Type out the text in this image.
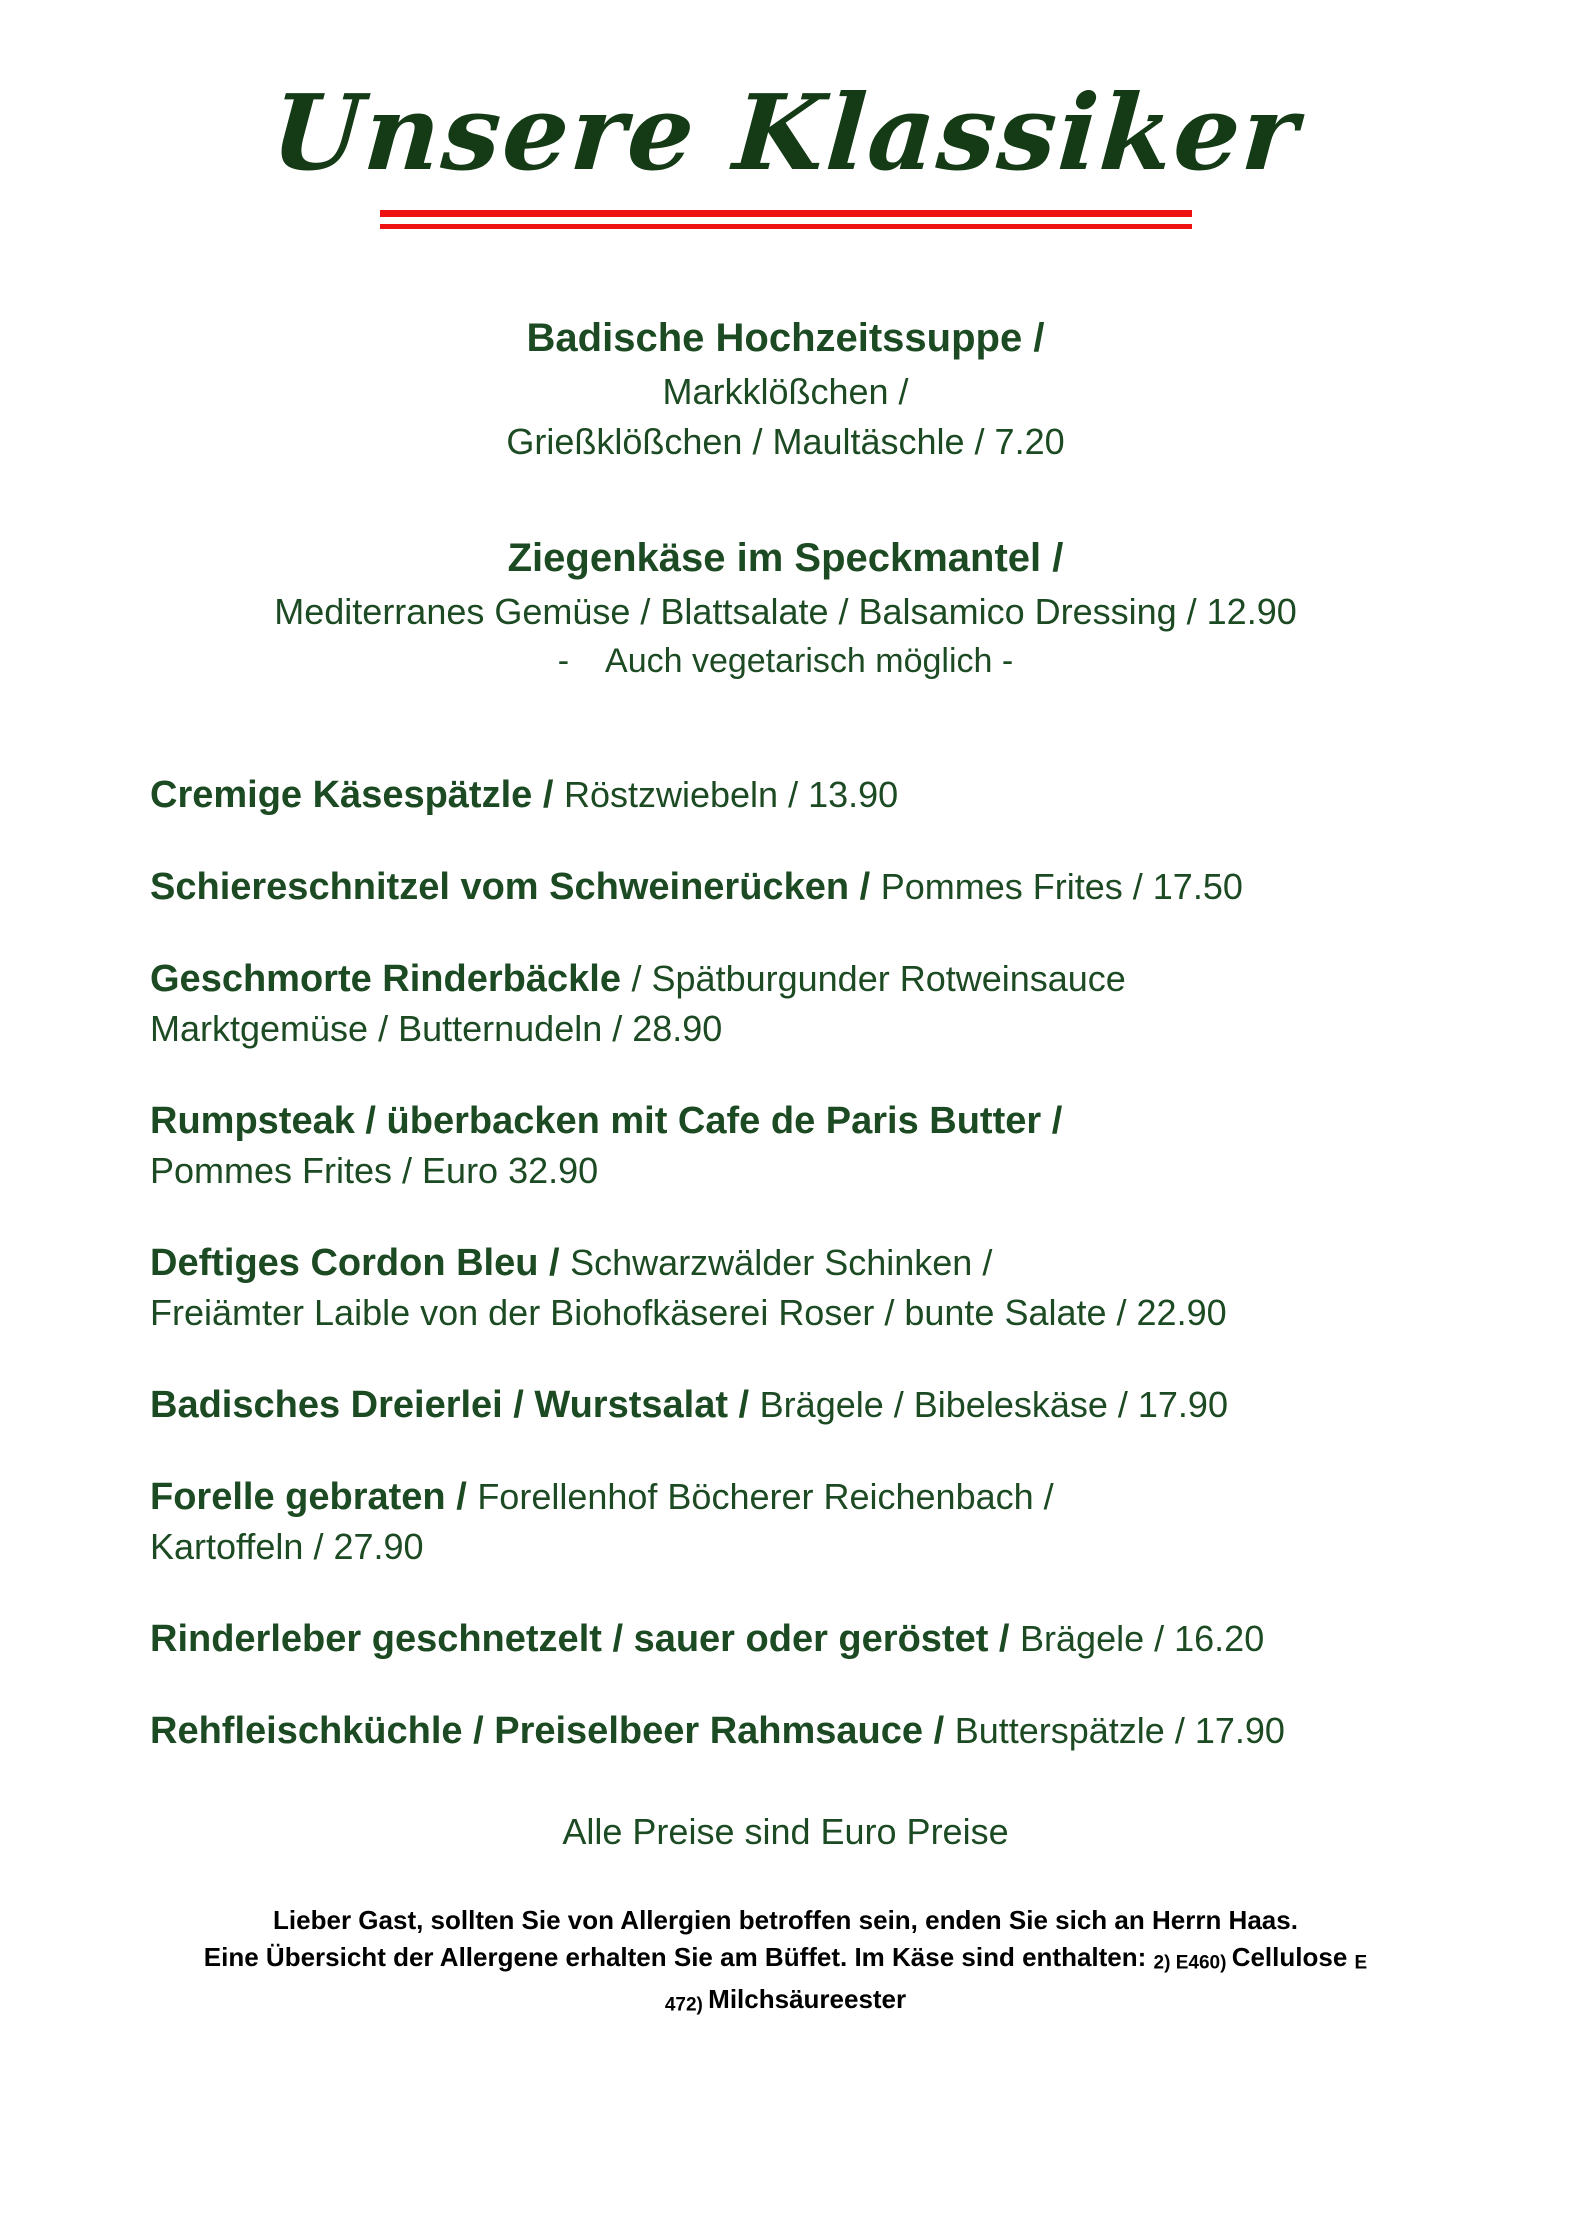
Unsere Klassiker
Badische Hochzeitssuppe /
Markklößchen /
Grießklößchen / Maultäschle / 7.20
Ziegenkäse im Speckmantel /
Mediterranes Gemüse / Blattsalate / Balsamico Dressing / 12.90
-    Auch vegetarisch möglich -
Cremige Käsespätzle / Röstzwiebeln / 13.90
Schiereschnitzel vom Schweinerücken / Pommes Frites / 17.50
Geschmorte Rinderbäckle / Spätburgunder Rotweinsauce
Marktgemüse / Butternudeln / 28.90
Rumpsteak / überbacken mit Cafe de Paris Butter /
Pommes Frites / Euro 32.90
Deftiges Cordon Bleu / Schwarzwälder Schinken /
Freiämter Laible von der Biohofkäserei Roser / bunte Salate / 22.90
Badisches Dreierlei / Wurstsalat / Brägele / Bibeleskäse / 17.90
Forelle gebraten / Forellenhof Böcherer Reichenbach /
Kartoffeln / 27.90
Rinderleber geschnetzelt / sauer oder geröstet / Brägele / 16.20
Rehfleischküchle / Preiselbeer Rahmsauce / Butterspätzle / 17.90
Alle Preise sind Euro Preise
Lieber Gast, sollten Sie von Allergien betroffen sein, enden Sie sich an Herrn Haas.
Eine Übersicht der Allergene erhalten Sie am Büffet. Im Käse sind enthalten: 2) E460) Cellulose E
472) Milchsäureester
